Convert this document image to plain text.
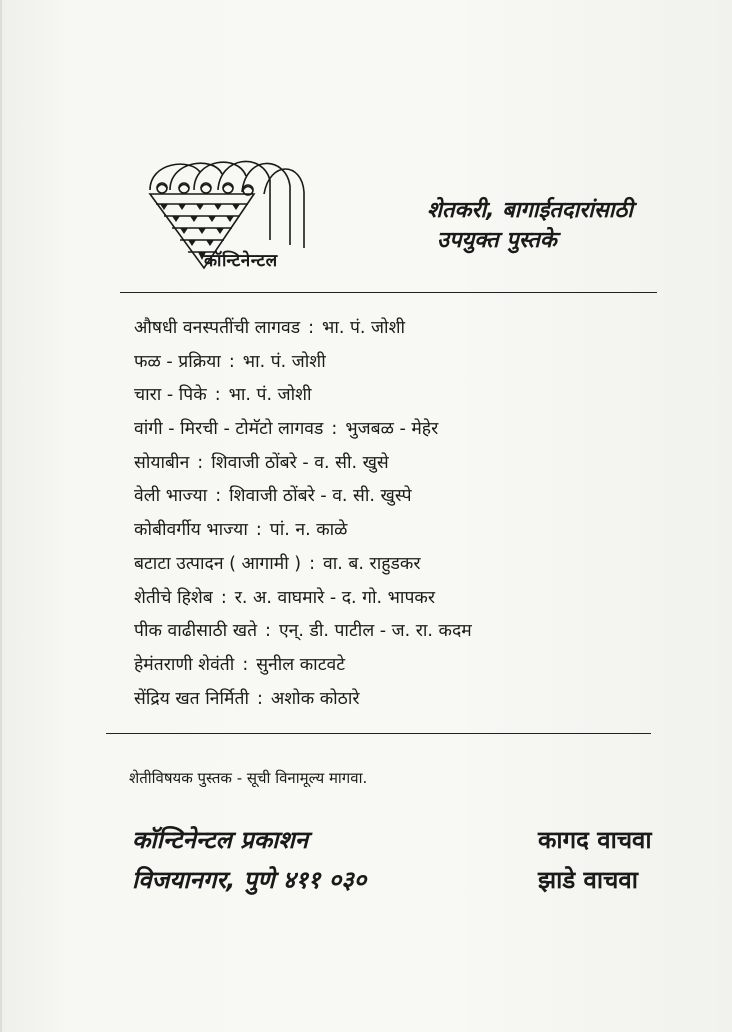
कॉन्टिनेन्टल
शेतकरी, बागाईतदारांसाठी
उपयुक्त पुस्तके
औषधी वनस्पतींची लागवड : भा. पं. जोशी
फळ - प्रक्रिया : भा. पं. जोशी
चारा - पिके : भा. पं. जोशी
वांगी - मिरची - टोमॅटो लागवड : भुजबळ - मेहेर
सोयाबीन : शिवाजी ठोंबरे - व. सी. खुसे
वेली भाज्या : शिवाजी ठोंबरे - व. सी. खुस्पे
कोबीवर्गीय भाज्या : पां. न. काळे
बटाटा उत्पादन ( आगामी ) : वा. ब. राहुडकर
शेतीचे हिशेब : र. अ. वाघमारे - द. गो. भापकर
पीक वाढीसाठी खते : एन्. डी. पाटील - ज. रा. कदम
हेमंतराणी शेवंती : सुनील काटवटे
सेंद्रिय खत निर्मिती : अशोक कोठारे
शेतीविषयक पुस्तक - सूची विनामूल्य मागवा.
कॉन्टिनेन्टल प्रकाशन
विजयानगर, पुणे ४११ ०३०
कागद वाचवा
झाडे वाचवा
